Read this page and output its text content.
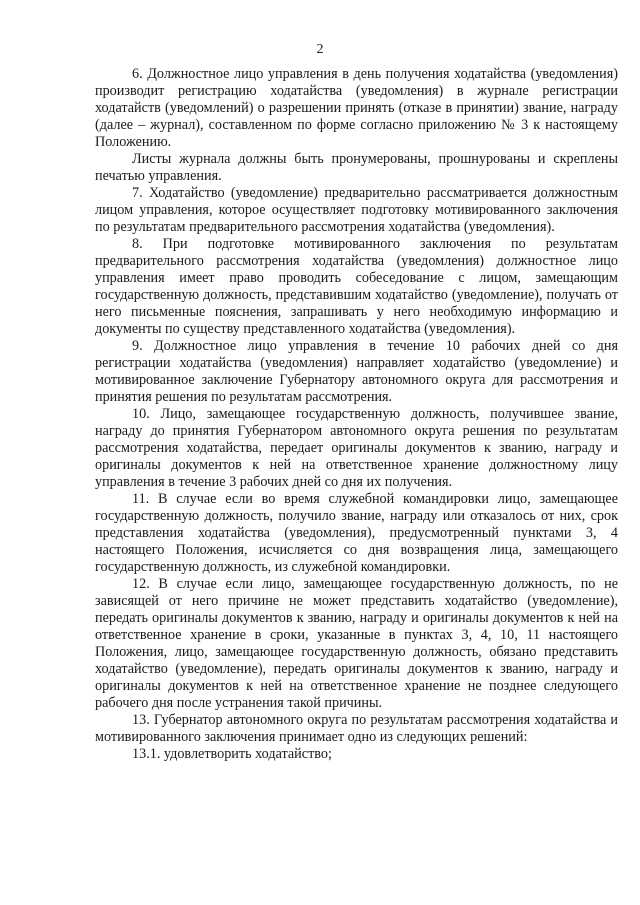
2

6. Должностное лицо управления в день получения ходатайства (уведомления) производит регистрацию ходатайства (уведомления) в журнале регистрации ходатайств (уведомлений) о разрешении принять (отказе в принятии) звание, награду (далее – журнал), составленном по форме согласно приложению № 3 к настоящему Положению.

Листы журнала должны быть пронумерованы, прошнурованы и скреплены печатью управления.

7. Ходатайство (уведомление) предварительно рассматривается должностным лицом управления, которое осуществляет подготовку мотивированного заключения по результатам предварительного рассмотрения ходатайства (уведомления).

8. При подготовке мотивированного заключения по результатам предварительного рассмотрения ходатайства (уведомления) должностное лицо управления имеет право проводить собеседование с лицом, замещающим государственную должность, представившим ходатайство (уведомление), получать от него письменные пояснения, запрашивать у него необходимую информацию и документы по существу представленного ходатайства (уведомления).

9. Должностное лицо управления в течение 10 рабочих дней со дня регистрации ходатайства (уведомления) направляет ходатайство (уведомление) и мотивированное заключение Губернатору автономного округа для рассмотрения и принятия решения по результатам рассмотрения.

10. Лицо, замещающее государственную должность, получившее звание, награду до принятия Губернатором автономного округа решения по результатам рассмотрения ходатайства, передает оригиналы документов к званию, награду и оригиналы документов к ней на ответственное хранение должностному лицу управления в течение 3 рабочих дней со дня их получения.

11. В случае если во время служебной командировки лицо, замещающее государственную должность, получило звание, награду или отказалось от них, срок представления ходатайства (уведомления), предусмотренный пунктами 3, 4 настоящего Положения, исчисляется со дня возвращения лица, замещающего государственную должность, из служебной командировки.

12. В случае если лицо, замещающее государственную должность, по не зависящей от него причине не может представить ходатайство (уведомление), передать оригиналы документов к званию, награду и оригиналы документов к ней на ответственное хранение в сроки, указанные в пунктах 3, 4, 10, 11 настоящего Положения, лицо, замещающее государственную должность, обязано представить ходатайство (уведомление), передать оригиналы документов к званию, награду и оригиналы документов к ней на ответственное хранение не позднее следующего рабочего дня после устранения такой причины.

13. Губернатор автономного округа по результатам рассмотрения ходатайства и мотивированного заключения принимает одно из следующих решений:

13.1. удовлетворить ходатайство;
